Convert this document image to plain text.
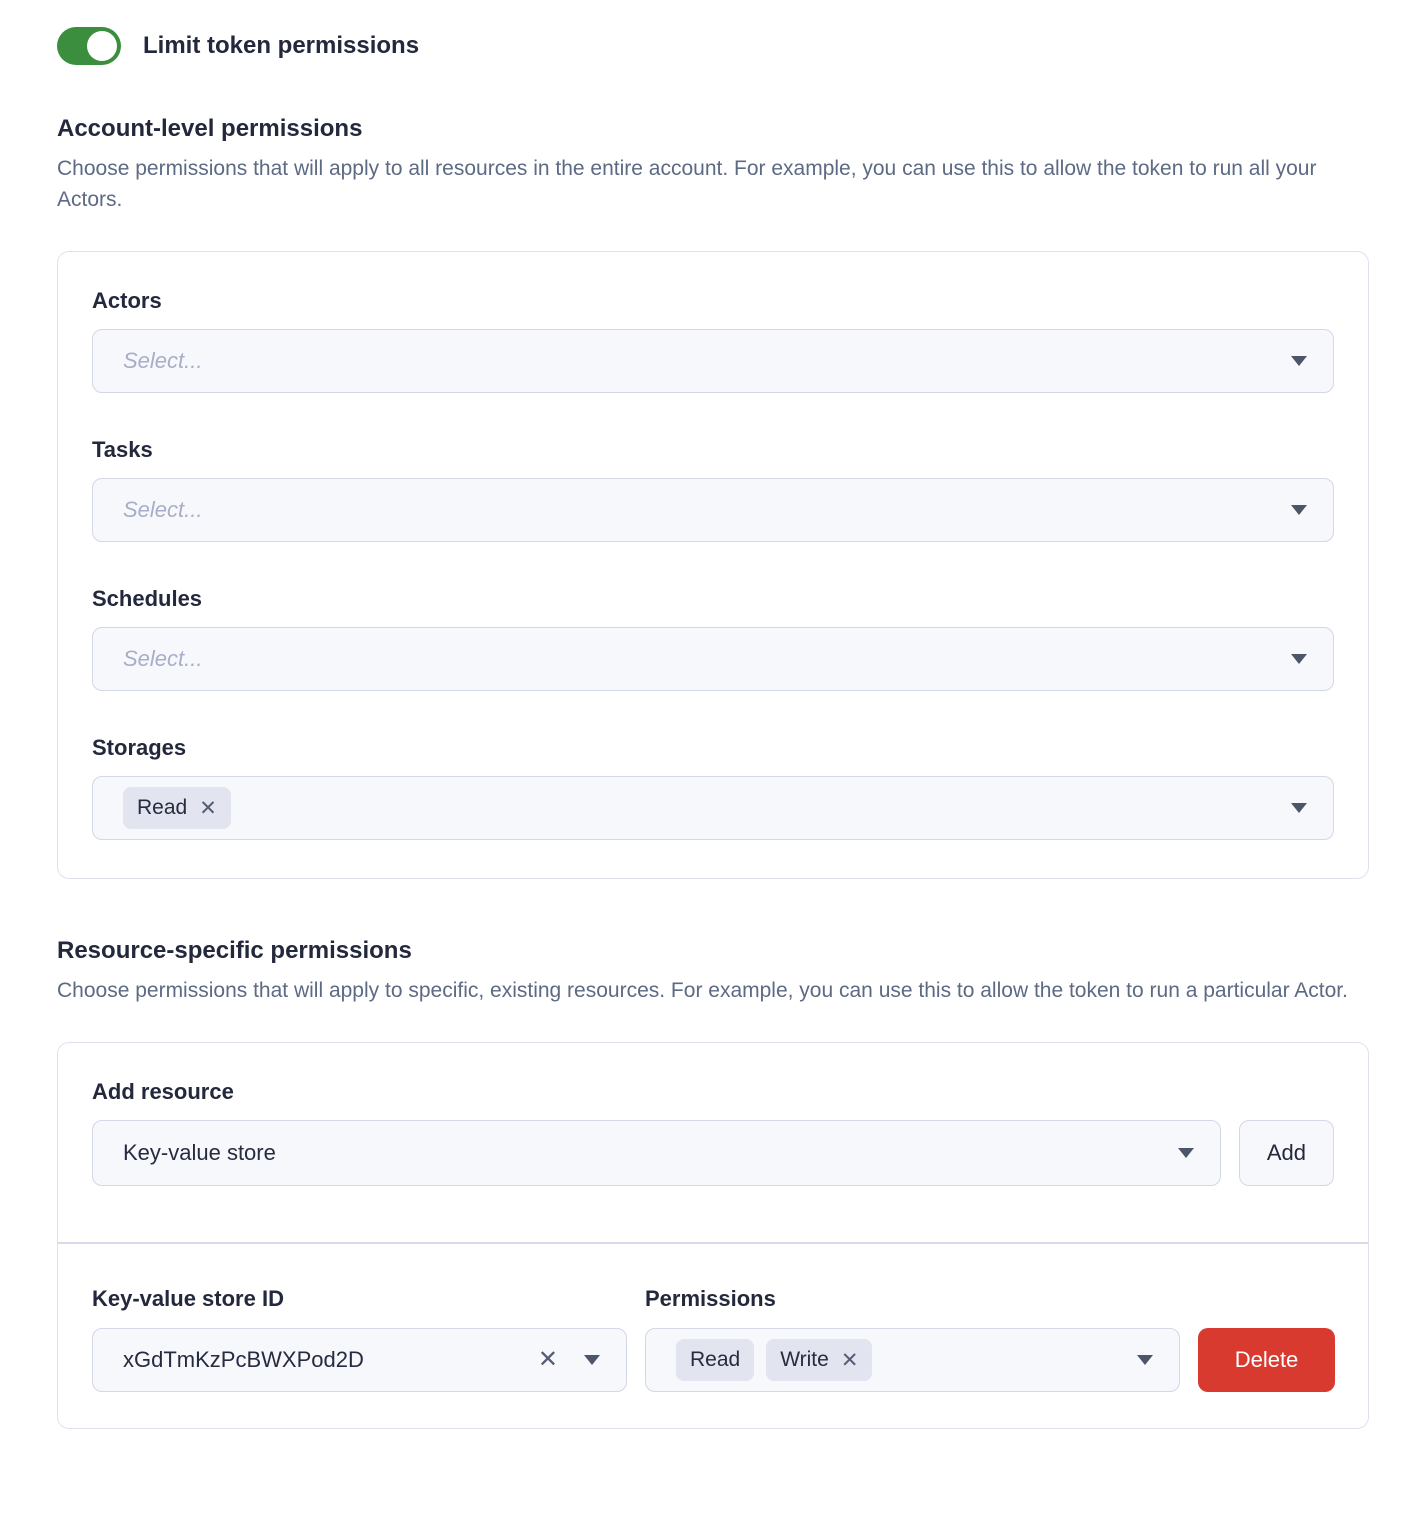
Limit token permissions
Account-level permissions

Choose permissions that will apply to all resources in the entire account. For example, you can use this to allow the token to run all your Actors.

Actors
Select...
Tasks
Select...
Schedules
Select...
Storages
Read ✕
Resource-specific permissions

Choose permissions that will apply to specific, existing resources. For example, you can use this to allow the token to run a particular Actor.

Add resource
Key-value store	Add
Key-value store ID
xGdTmKzPcBWXPod2D	✕
Permissions
Read Write ✕	Delete
